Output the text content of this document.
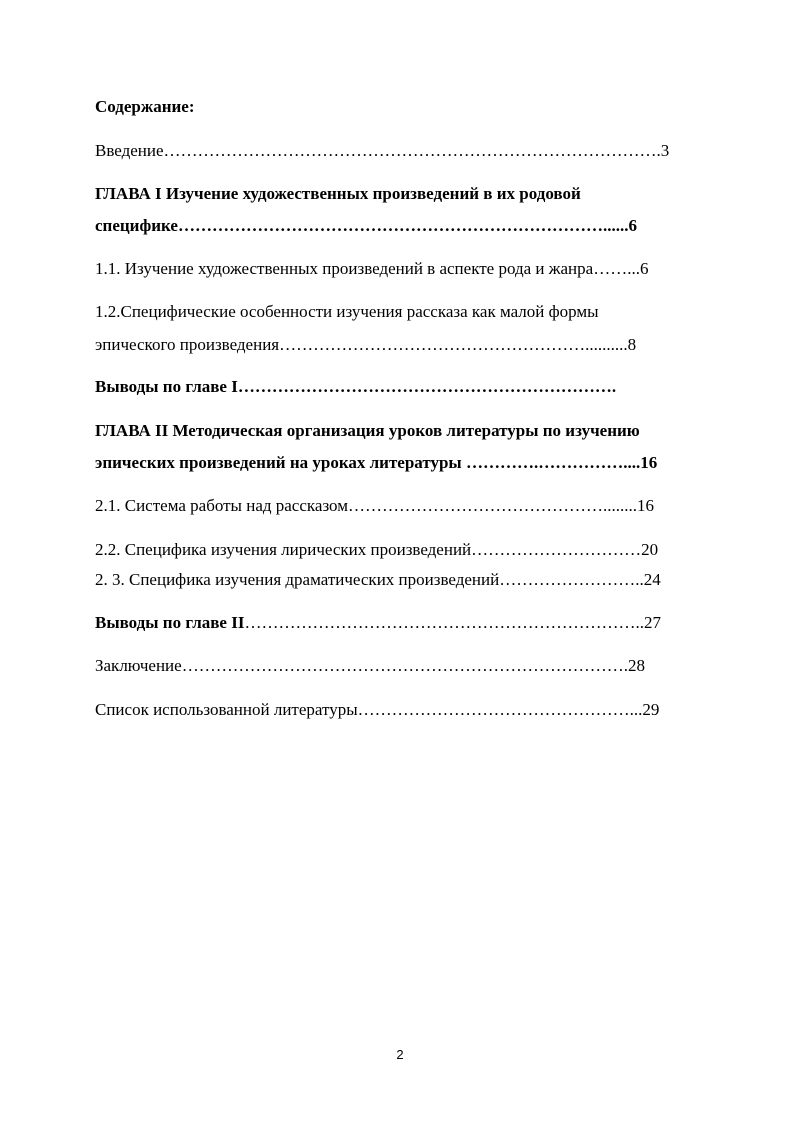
Содержание:
Введение…………………………………………………………………………….3
ГЛАВА I Изучение художественных произведений в их родовой
специфике…………………………………………………………………......6
1.1. Изучение художественных произведений в аспекте рода и жанра……...6
1.2.Специфические особенности изучения рассказа как малой формы
эпического произведения………………………………………………..........8
Выводы по главе I………………………………………………………….
ГЛАВА II Методическая организация уроков литературы по изучению
эпических произведений на уроках литературы ………….……………....16
2.1. Система работы над рассказом………………………………………........16
2.2. Специфика изучения лирических произведений…………………………20
2. 3. Специфика изучения драматических произведений……………………..24
Выводы по главе II……………………………………………………………..27
Заключение…………………………………………………………………….28
Список использованной литературы…………………………………………...29
2
